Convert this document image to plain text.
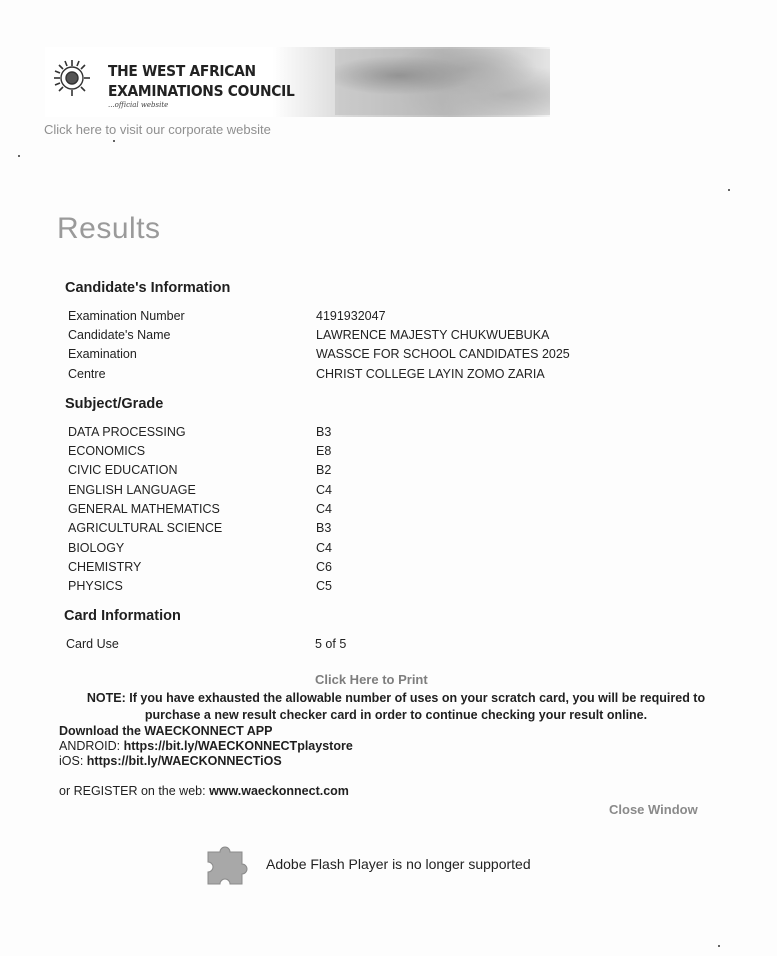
THE WEST AFRICAN
EXAMINATIONS COUNCIL
...official website
Click here to visit our corporate website
Results
Candidate's Information
Examination Number	4191932047
Candidate's Name	LAWRENCE MAJESTY CHUKWUEBUKA
Examination	WASSCE FOR SCHOOL CANDIDATES 2025
Centre	CHRIST COLLEGE LAYIN ZOMO ZARIA
Subject/Grade
DATA PROCESSING	B3
ECONOMICS	E8
CIVIC EDUCATION	B2
ENGLISH LANGUAGE	C4
GENERAL MATHEMATICS	C4
AGRICULTURAL SCIENCE	B3
BIOLOGY	C4
CHEMISTRY	C6
PHYSICS	C5
Card Information
Card Use	5 of 5
Click Here to Print
NOTE: If you have exhausted the allowable number of uses on your scratch card, you will be required to purchase a new result checker card in order to continue checking your result online.
Download the WAECKONNECT APP
ANDROID: https://bit.ly/WAECKONNECTplaystore
iOS: https://bit.ly/WAECKONNECTiOS
or REGISTER on the web: www.waeckonnect.com
Close Window
Adobe Flash Player is no longer supported
